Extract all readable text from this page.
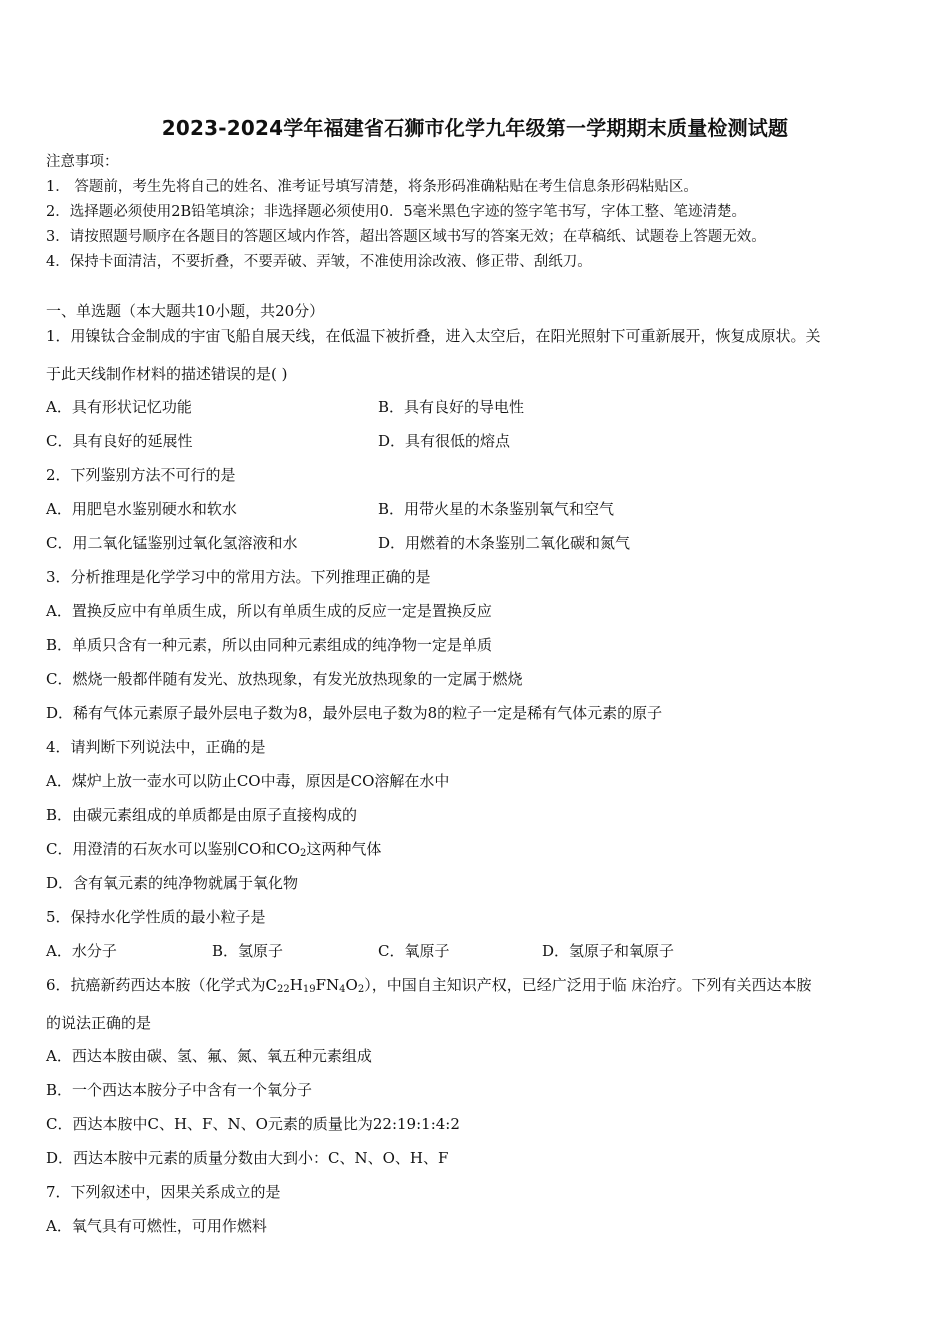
2023-2024学年福建省石狮市化学九年级第一学期期末质量检测试题
注意事项：
1． 答题前，考生先将自己的姓名、准考证号填写清楚，将条形码准确粘贴在考生信息条形码粘贴区。
2．选择题必须使用2B铅笔填涂；非选择题必须使用0．5毫米黑色字迹的签字笔书写，字体工整、笔迹清楚。
3．请按照题号顺序在各题目的答题区域内作答，超出答题区域书写的答案无效；在草稿纸、试题卷上答题无效。
4．保持卡面清洁，不要折叠，不要弄破、弄皱，不准使用涂改液、修正带、刮纸刀。
一、单选题（本大题共10小题，共20分）
1．用镍钛合金制成的宇宙飞船自展天线，在低温下被折叠，进入太空后，在阳光照射下可重新展开，恢复成原状。关
于此天线制作材料的描述错误的是( )
A．具有形状记忆功能	B．具有良好的导电性
C．具有良好的延展性	D．具有很低的熔点
2．下列鉴别方法不可行的是
A．用肥皂水鉴别硬水和软水	B．用带火星的木条鉴别氧气和空气
C．用二氧化锰鉴别过氧化氢溶液和水	D．用燃着的木条鉴别二氧化碳和氮气
3．分析推理是化学学习中的常用方法。下列推理正确的是
A．置换反应中有单质生成，所以有单质生成的反应一定是置换反应
B．单质只含有一种元素，所以由同种元素组成的纯净物一定是单质
C．燃烧一般都伴随有发光、放热现象，有发光放热现象的一定属于燃烧
D．稀有气体元素原子最外层电子数为8，最外层电子数为8的粒子一定是稀有气体元素的原子
4．请判断下列说法中，正确的是
A．煤炉上放一壶水可以防止CO中毒，原因是CO溶解在水中
B．由碳元素组成的单质都是由原子直接构成的
C．用澄清的石灰水可以鉴别CO和$CO_2$这两种气体
D．含有氧元素的纯净物就属于氧化物
5．保持水化学性质的最小粒子是
A．水分子	B．氢原子	C．氧原子	D．氢原子和氧原子
6．抗癌新药西达本胺（化学式为$C_{22}H_{19}FN_4O_2$），中国自主知识产权，已经广泛用于临 床治疗。下列有关西达本胺
的说法正确的是
A．西达本胺由碳、氢、氟、氮、氧五种元素组成
B．一个西达本胺分子中含有一个氧分子
C．西达本胺中C、H、F、N、O元素的质量比为22:19:1:4:2
D．西达本胺中元素的质量分数由大到小：C、N、O、H、F
7．下列叙述中，因果关系成立的是
A．氧气具有可燃性，可用作燃料
